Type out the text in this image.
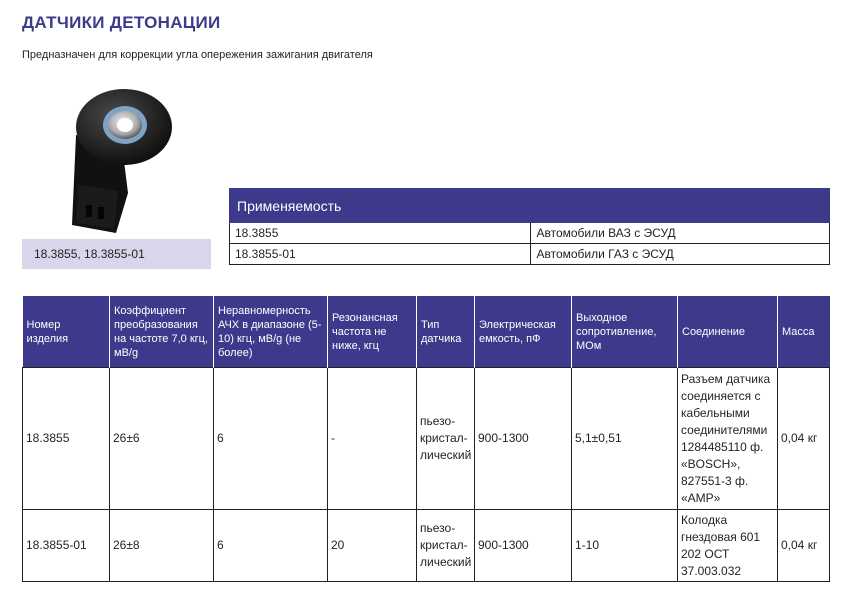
ДАТЧИКИ ДЕТОНАЦИИ
Предназначен для коррекции угла опережения зажигания двигателя
18.3855, 18.3855-01
Применяемость	
18.3855	Автомобили ВАЗ с ЭСУД
18.3855-01	Автомобили ГАЗ с ЭСУД
Номер изделия	Коэффициент преобразования на частоте 7,0 кгц, мВ/g	Неравномерность АЧХ в диапазоне (5-10) кгц, мВ/g (не более)	Резонансная частота не ниже, кгц	Тип датчика	Электрическая емкость, пФ	Выходное сопротивление, МОм	Соединение	Масса
18.3855	26±6	6	-	пьезо-кристал-лический	900-1300	5,1±0,51	Разъем датчика соединяется с кабельными соединителями 1284485110 ф. «BOSCH», 827551-3 ф. «AMP»	0,04 кг
18.3855-01	26±8	6	20	пьезо-кристал-лический	900-1300	1-10	Колодка гнездовая 601 202 ОСТ 37.003.032	0,04 кг
